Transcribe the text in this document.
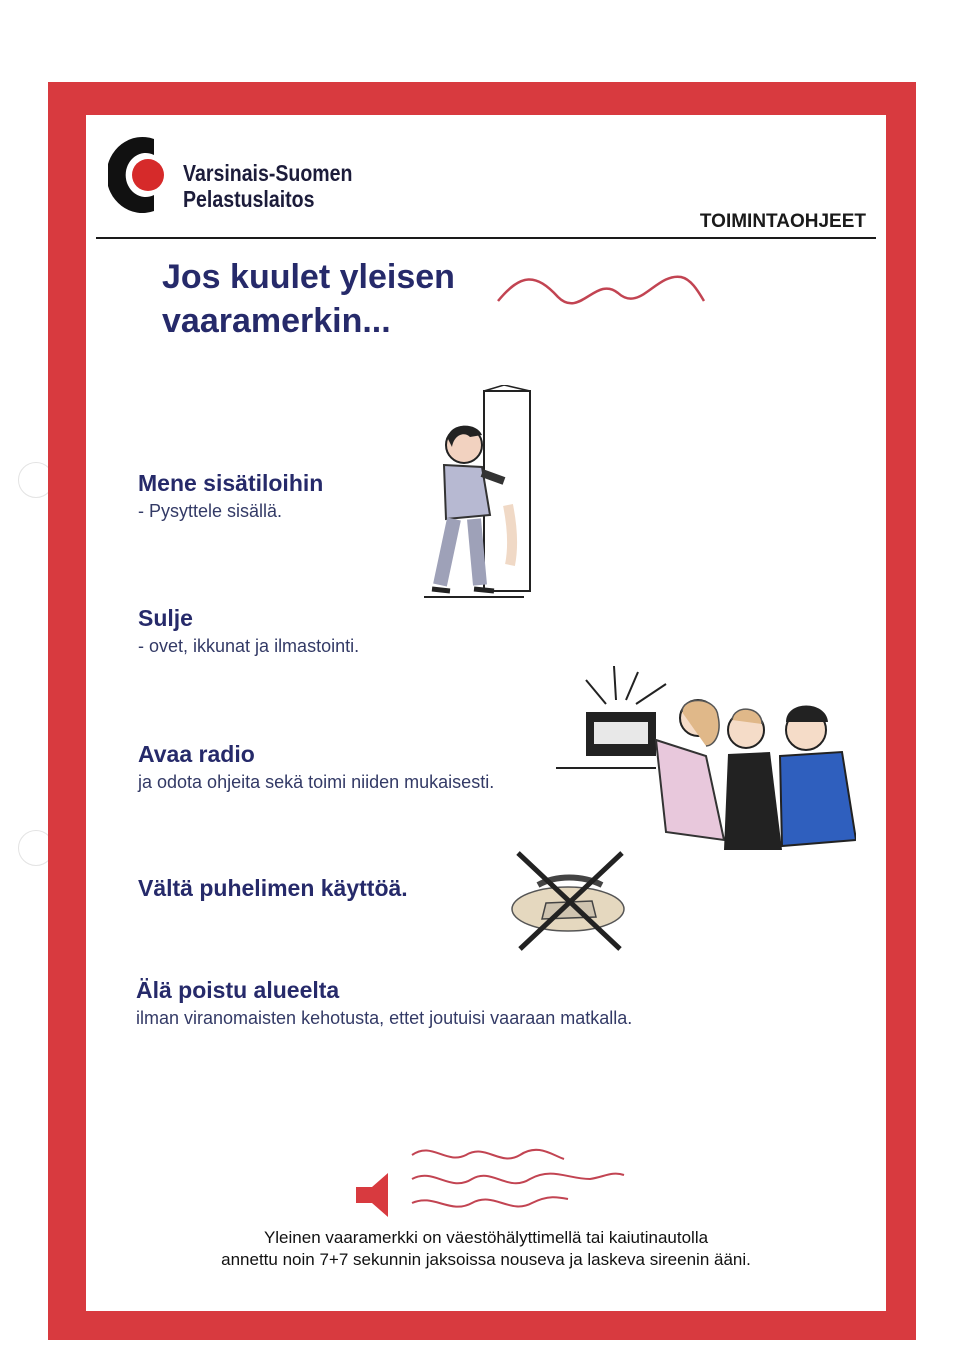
Varsinais-Suomen
Pelastuslaitos
TOIMINTAOHJEET
Jos kuulet yleisen
vaaramerkin...
Mene sisätiloihin
- Pysyttele sisällä.
Sulje
- ovet, ikkunat ja ilmastointi.
Avaa radio
ja odota ohjeita sekä toimi niiden mukaisesti.
Vältä puhelimen käyttöä.
Älä poistu alueelta
ilman viranomaisten kehotusta, ettet joutuisi vaaraan matkalla.
Yleinen vaaramerkki on väestöhälyttimellä tai kaiutinautolla
annettu noin 7+7 sekunnin jaksoissa nouseva ja laskeva sireenin ääni.
